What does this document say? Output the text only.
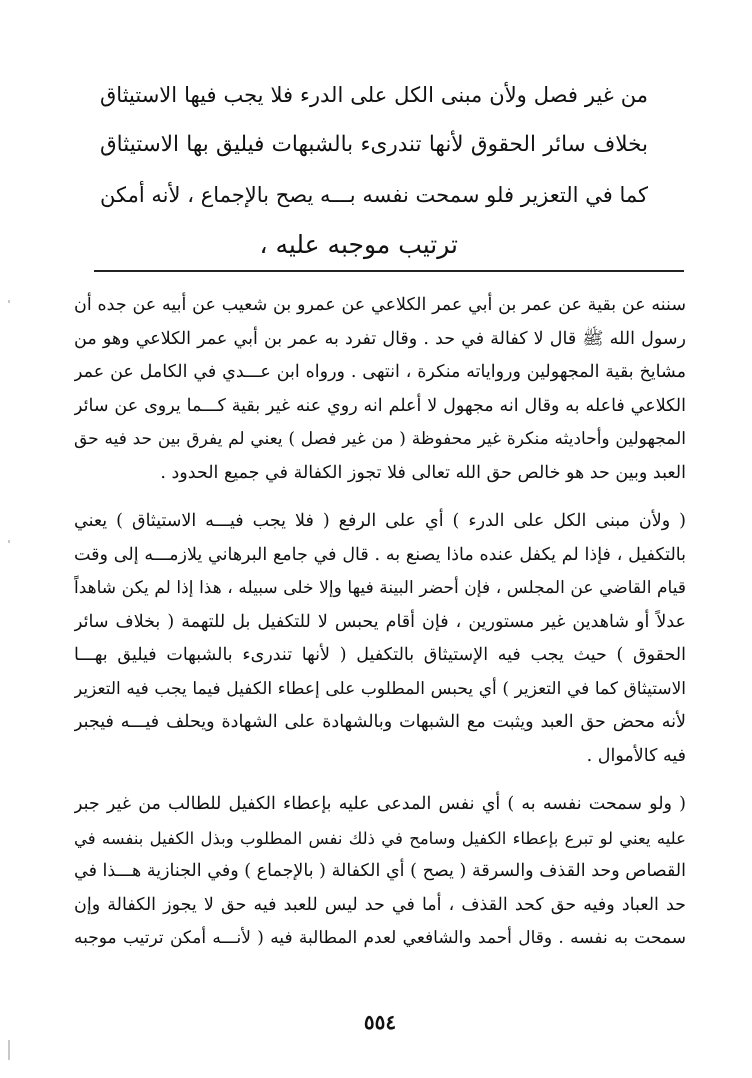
من غير فصل ولأن مبنى الكل على الدرء فلا يجب فيها الاستيثاق
بخلاف سائر الحقوق لأنها تندرىء بالشبهات فيليق بها الاستيثاق
كما في التعزير فلو سمحت نفسه بـــه يصح بالإجماع ، لأنه أمكن
ترتيب موجبه عليه ،
سننه عن بقية عن عمر بن أبي عمر الكلاعي عن عمرو بن شعيب عن أبيه عن جده أن
رسول الله ﷺ قال لا كفالة في حد . وقال تفرد به عمر بن أبي عمر الكلاعي وهو من
مشايخ بقية المجهولين ورواياته منكرة ، انتهى . ورواه ابن عـــدي في الكامل عن عمر
الكلاعي فاعله به وقال انه مجهول لا أعلم انه روي عنه غير بقية كـــما يروى عن سائر
المجهولين وأحاديثه منكرة غير محفوظة ( من غير فصل ) يعني لم يفرق بين حد فيه حق
العبد وبين حد هو خالص حق الله تعالى فلا تجوز الكفالة في جميع الحدود .
( ولأن مبنى الكل على الدرء ) أي على الرفع ( فلا يجب فيـــه الاستيثاق ) يعني
بالتكفيل ، فإذا لم يكفل عنده ماذا يصنع به . قال في جامع البرهاني يلازمـــه إلى وقت
قيام القاضي عن المجلس ، فإن أحضر البينة فيها وإلا خلى سبيله ، هذا إذا لم يكن شاهداً
عدلاً أو شاهدين غير مستورين ، فإن أقام يحبس لا للتكفيل بل للتهمة ( بخلاف سائر
الحقوق ) حيث يجب فيه الإستيثاق بالتكفيل ( لأنها تندرىء بالشبهات فيليق بهـــا
الاستيثاق كما في التعزير ) أي يحبس المطلوب على إعطاء الكفيل فيما يجب فيه التعزير
لأنه محض حق العبد ويثبت مع الشبهات وبالشهادة على الشهادة ويحلف فيـــه فيجبر
فيه كالأموال .
( ولو سمحت نفسه به ) أي نفس المدعى عليه بإعطاء الكفيل للطالب من غير جبر
عليه يعني لو تبرع بإعطاء الكفيل وسامح في ذلك نفس المطلوب وبذل الكفيل بنفسه في
القصاص وحد القذف والسرقة ( يصح ) أي الكفالة ( بالإجماع ) وفي الجنازية هـــذا في
حد العباد وفيه حق كحد القذف ، أما في حد ليس للعبد فيه حق لا يجوز الكفالة وإن
سمحت به نفسه . وقال أحمد والشافعي لعدم المطالبة فيه ( لأنـــه أمكن ترتيب موجبه
٥٥٤
